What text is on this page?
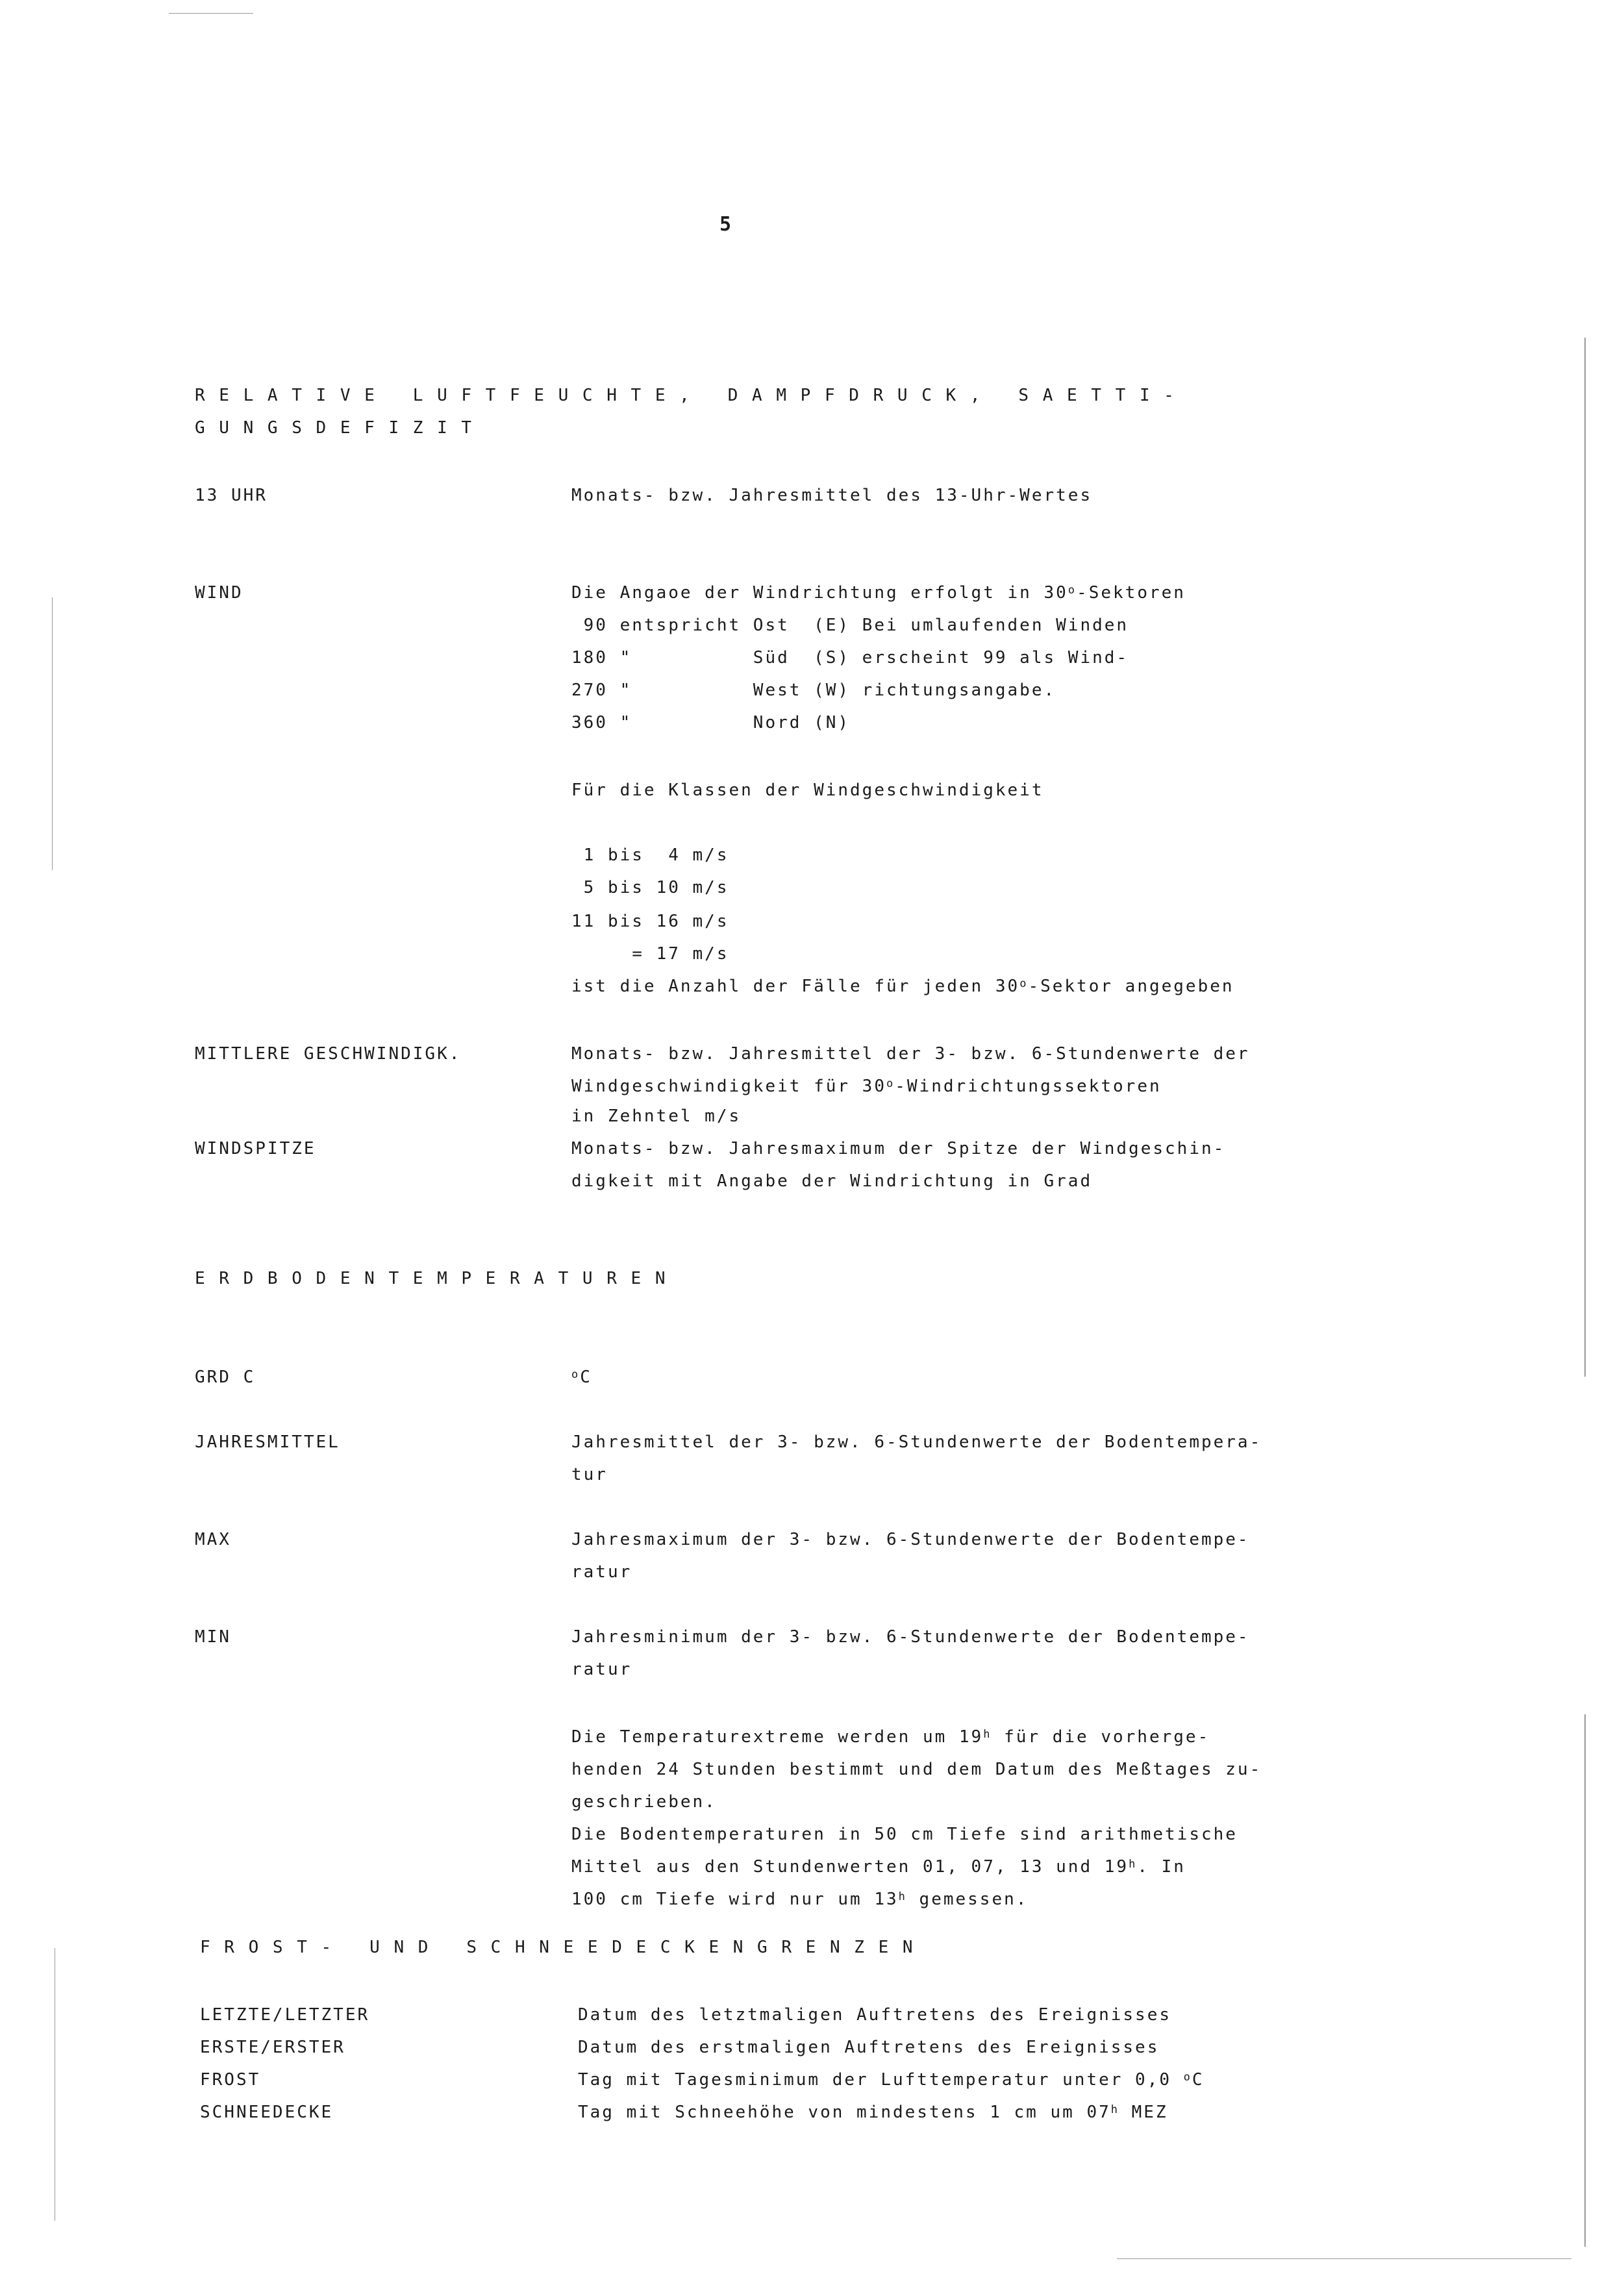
5
R E L A T I V E   L U F T F E U C H T E ,   D A M P F D R U C K ,   S A E T T I -
G U N G S D E F I Z I T
13 UHR	Monats- bzw. Jahresmittel des 13-Uhr-Wertes
WIND	Die Angaoe der Windrichtung erfolgt in 30$^o$-Sektoren
90 entspricht Ost  (E) Bei umlaufenden Winden
180 "          Süd  (S) erscheint 99 als Wind-
270 "          West (W) richtungsangabe.
360 "          Nord (N)
Für die Klassen der Windgeschwindigkeit
1 bis  4 m/s
5 bis 10 m/s
11 bis 16 m/s
= 17 m/s
ist die Anzahl der Fälle für jeden 30$^o$-Sektor angegeben
MITTLERE GESCHWINDIGK.	Monats- bzw. Jahresmittel der 3- bzw. 6-Stundenwerte der
Windgeschwindigkeit für 30$^o$-Windrichtungssektoren
in Zehntel m/s
WINDSPITZE	Monats- bzw. Jahresmaximum der Spitze der Windgeschin-
digkeit mit Angabe der Windrichtung in Grad
E R D B O D E N T E M P E R A T U R E N
GRD C	$^o$C
JAHRESMITTEL	Jahresmittel der 3- bzw. 6-Stundenwerte der Bodentempera-
tur
MAX	Jahresmaximum der 3- bzw. 6-Stundenwerte der Bodentempe-
ratur
MIN	Jahresminimum der 3- bzw. 6-Stundenwerte der Bodentempe-
ratur
Die Temperaturextreme werden um 19$^h$ für die vorherge-
henden 24 Stunden bestimmt und dem Datum des Meßtages zu-
geschrieben.
Die Bodentemperaturen in 50 cm Tiefe sind arithmetische
Mittel aus den Stundenwerten 01, 07, 13 und 19$^h$. In
100 cm Tiefe wird nur um 13$^h$ gemessen.
F R O S T -   U N D   S C H N E E D E C K E N G R E N Z E N
LETZTE/LETZTER	Datum des letztmaligen Auftretens des Ereignisses
ERSTE/ERSTER	Datum des erstmaligen Auftretens des Ereignisses
FROST	Tag mit Tagesminimum der Lufttemperatur unter 0,0 $^o$C
SCHNEEDECKE	Tag mit Schneehöhe von mindestens 1 cm um 07$^h$ MEZ
